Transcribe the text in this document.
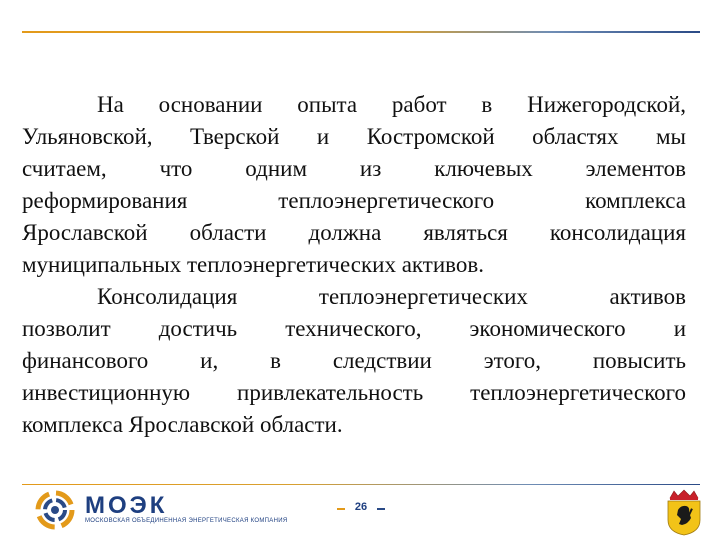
На основании опыта работ в Нижегородской,
Ульяновской, Тверской и Костромской областях мы
считаем, что одним из ключевых элементов
реформирования теплоэнергетического комплекса
Ярославской области должна являться консолидация
муниципальных теплоэнергетических активов.

Консолидация теплоэнергетических активов
позволит достичь технического, экономического и
финансового и, в следствии этого, повысить
инвестиционную привлекательность теплоэнергетического
комплекса Ярославской области.

МОЭК
МОСКОВСКАЯ ОБЪЕДИНЕННАЯ ЭНЕРГЕТИЧЕСКАЯ КОМПАНИЯ
26
